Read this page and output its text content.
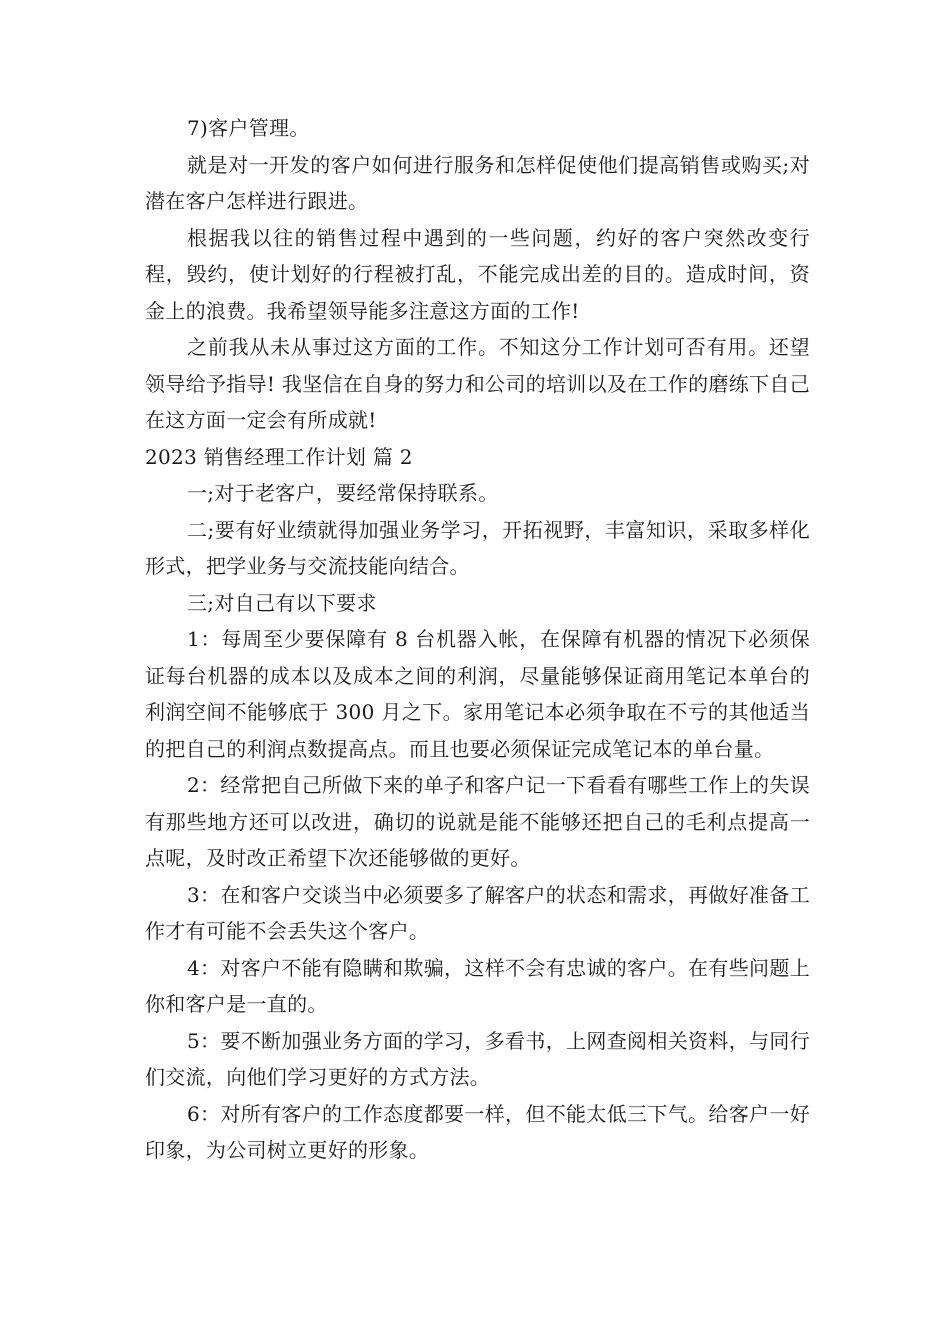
7)客户管理。

就是对一开发的客户如何进行服务和怎样促使他们提高销售或购买;对潜在客户怎样进行跟进。

根据我以往的销售过程中遇到的一些问题，约好的客户突然改变行程，毁约，使计划好的行程被打乱，不能完成出差的目的。造成时间，资金上的浪费。我希望领导能多注意这方面的工作!

之前我从未从事过这方面的工作。不知这分工作计划可否有用。还望领导给予指导! 我坚信在自身的努力和公司的培训以及在工作的磨练下自己在这方面一定会有所成就!

2023 销售经理工作计划 篇 2

一;对于老客户，要经常保持联系。

二;要有好业绩就得加强业务学习，开拓视野，丰富知识，采取多样化形式，把学业务与交流技能向结合。

三;对自己有以下要求

1：每周至少要保障有 8 台机器入帐，在保障有机器的情况下必须保证每台机器的成本以及成本之间的利润，尽量能够保证商用笔记本单台的利润空间不能够底于 300 月之下。家用笔记本必须争取在不亏的其他适当的把自己的利润点数提高点。而且也要必须保证完成笔记本的单台量。

2：经常把自己所做下来的单子和客户记一下看看有哪些工作上的失误有那些地方还可以改进，确切的说就是能不能够还把自己的毛利点提高一点呢，及时改正希望下次还能够做的更好。

3：在和客户交谈当中必须要多了解客户的状态和需求，再做好准备工作才有可能不会丢失这个客户。

4：对客户不能有隐瞒和欺骗，这样不会有忠诚的客户。在有些问题上你和客户是一直的。

5：要不断加强业务方面的学习，多看书，上网查阅相关资料，与同行们交流，向他们学习更好的方式方法。

6：对所有客户的工作态度都要一样，但不能太低三下气。给客户一好印象，为公司树立更好的形象。
